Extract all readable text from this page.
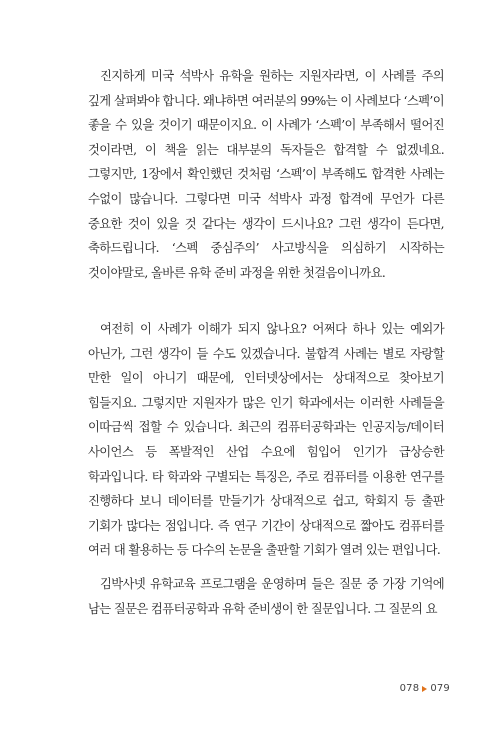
진지하게 미국 석박사 유학을 원하는 지원자라면, 이 사례를 주의 깊게 살펴봐야 합니다. 왜냐하면 여러분의 99%는 이 사례보다 ‘스펙’이 좋을 수 있을 것이기 때문이지요. 이 사례가 ‘스펙’이 부족해서 떨어진 것이라면, 이 책을 읽는 대부분의 독자들은 합격할 수 없겠네요. 그렇지만, 1장에서 확인했던 것처럼 ‘스펙’이 부족해도 합격한 사례는 수없이 많습니다. 그렇다면 미국 석박사 과정 합격에 무언가 다른 중요한 것이 있을 것 같다는 생각이 드시나요? 그런 생각이 든다면, 축하드립니다. ‘스펙 중심주의’ 사고방식을 의심하기 시작하는 것이야말로, 올바른 유학 준비 과정을 위한 첫걸음이니까요.

여전히 이 사례가 이해가 되지 않나요? 어쩌다 하나 있는 예외가 아닌가, 그런 생각이 들 수도 있겠습니다. 불합격 사례는 별로 자랑할 만한 일이 아니기 때문에, 인터넷상에서는 상대적으로 찾아보기 힘들지요. 그렇지만 지원자가 많은 인기 학과에서는 이러한 사례들을 이따금씩 접할 수 있습니다. 최근의 컴퓨터공학과는 인공지능/데이터 사이언스 등 폭발적인 산업 수요에 힘입어 인기가 급상승한 학과입니다. 타 학과와 구별되는 특징은, 주로 컴퓨터를 이용한 연구를 진행하다 보니 데이터를 만들기가 상대적으로 쉽고, 학회지 등 출판 기회가 많다는 점입니다. 즉 연구 기간이 상대적으로 짧아도 컴퓨터를 여러 대 활용하는 등 다수의 논문을 출판할 기회가 열려 있는 편입니다.

김박사넷 유학교육 프로그램을 운영하며 들은 질문 중 가장 기억에 남는 질문은 컴퓨터공학과 유학 준비생이 한 질문입니다. 그 질문의 요

078 079
